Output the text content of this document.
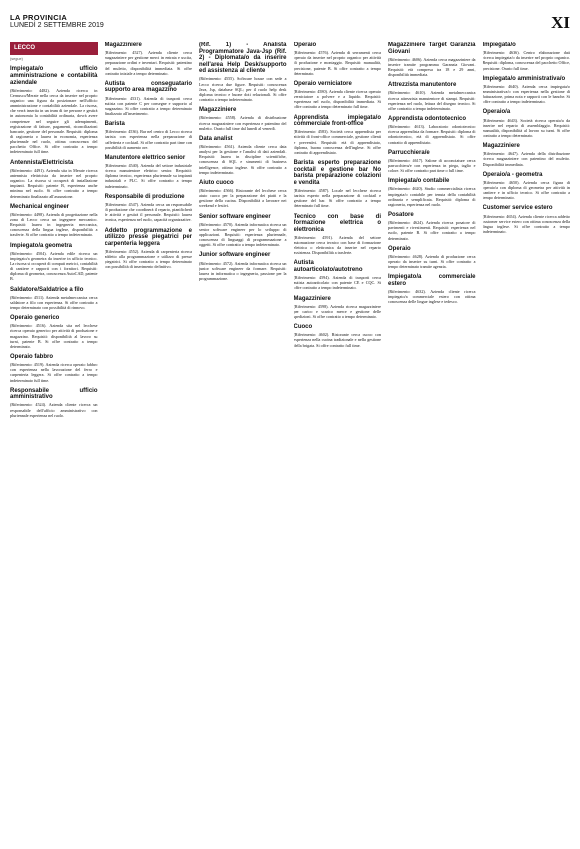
LA PROVINCIA
LUNEDÌ 2 SETTEMBRE 2019	XI
LECCO
(segue)
Impiegata/o ufficio amministrazione e contabilità aziendale

(Riferimento: 4482). Azienda ricerca in Cernusco/Merate nella cerca da inserire nel proprio organico una figura da posizionare nell'ufficio amministrazione e contabilità aziendale. La risorsa, che verrà inserita in un team di tre persone e gestirà in autonomia la contabilità ordinaria, dovrà avere competenze nel seguire gli adempimenti, registrazione di fatture, pagamenti, riconciliazioni bancarie, gestione del personale. Requisiti: diploma di ragioneria o laurea in economia, esperienza pluriennale nel ruolo, ottima conoscenza del pacchetto Office. Si offre contratto a tempo indeterminato full time.

Antennista/Elettricista

(Riferimento: 4491). Azienda sita in Merate ricerca antennista elettricista da inserire nel proprio organico. La risorsa si occuperà di installazione impianti. Requisiti: patente B, esperienza anche minima nel ruolo. Si offre contratto a tempo determinato finalizzato all'assunzione.

Mechanical engineer

(Riferimento: 4498). Azienda di progettazione nella zona di Lecco cerca un ingegnere meccanico. Requisiti: laurea in ingegneria meccanica, conoscenza della lingua inglese, disponibilità a trasferte. Si offre contratto a tempo indeterminato.

Impiegato/a geometra

(Riferimento: 4504). Azienda edile ricerca un impiegato/a geometra da inserire in ufficio tecnico. La risorsa si occuperà di computi metrici, contabilità di cantiere e rapporti con i fornitori. Requisiti: diploma di geometra, conoscenza AutoCAD, patente B.

Saldatore/Saldatrice a filo

(Riferimento: 4511). Azienda metalmeccanica cerca saldatore a filo con esperienza. Si offre contratto a tempo determinato con possibilità di rinnovo.

Operaio generico

(Riferimento: 4516). Azienda sita nel lecchese ricerca operaio generico per attività di produzione e magazzino. Requisiti: disponibilità al lavoro su turni, patente B. Si offre contratto a tempo determinato.

Operaio fabbro

(Riferimento: 4519). Azienda ricerca operaio fabbro con esperienza nella lavorazione del ferro e carpenteria leggera. Si offre contratto a tempo indeterminato full time.

Responsabile ufficio amministrativo

(Riferimento: 4524). Azienda cliente ricerca un responsabile dell'ufficio amministrativo con pluriennale esperienza nel ruolo.

Magazziniere

(Riferimento: 4527). Azienda cliente cerca magazziniere per gestione merci in entrata e uscita, preparazione ordini e inventari. Requisiti: patentino del muletto, disponibilità immediata. Si offre contratto iniziale a tempo determinato.

Autista conseguatario supporto area magazzino

(Riferimento: 4531). Azienda di trasporti cerca autista con patente C per consegne e supporto al magazzino. Si offre contratto a tempo determinato finalizzato all'inserimento.

Barista

(Riferimento: 4536). Bar nel centro di Lecco ricerca barista con esperienza nella preparazione di caffetteria e cocktail. Si offre contratto part time con possibilità di aumento ore.

Manutentore elettrico senior

(Riferimento: 4540). Azienda del settore industriale ricerca manutentore elettrico senior. Requisiti: diploma tecnico, esperienza pluriennale su impianti industriali e PLC. Si offre contratto a tempo indeterminato.

Responsabile di produzione

(Riferimento: 4547). Azienda cerca un responsabile di produzione che coordinerà il reparto, pianificherà le attività e gestirà il personale. Requisiti: laurea tecnica, esperienza nel ruolo, capacità organizzative.

Addetto programmazione e utilizzo presse piegatrici per carpenteria leggera

(Riferimento: 4552). Azienda di carpenteria ricerca addetto alla programmazione e utilizzo di presse piegatrici. Si offre contratto a tempo determinato con possibilità di inserimento definitivo.

(Rif. 1) - Analista Programmatore Java-Jsp (Rif. 2) - Diplomata/o da inserire nell'area Help Desk/supporto ed assistenza al cliente

(Riferimento: 4555). Software house con sede a Lecco ricerca due figure. Requisiti: conoscenza Java, Jsp, database SQL; per il ruolo help desk diploma tecnico e buone doti relazionali. Si offre contratto a tempo indeterminato.

Magazziniere

(Riferimento: 4558). Azienda di distribuzione ricerca magazziniere con esperienza e patentino del muletto. Orario full time dal lunedì al venerdì.

Data analist

(Riferimento: 4561). Azienda cliente cerca data analyst per la gestione e l'analisi di dati aziendali. Requisiti: laurea in discipline scientifiche, conoscenza di SQL e strumenti di business intelligence, ottimo inglese. Si offre contratto a tempo indeterminato.

Aiuto cuoco

(Riferimento: 4566). Ristorante del lecchese cerca aiuto cuoco per la preparazione dei piatti e la gestione della cucina. Disponibilità a lavorare nei weekend e festivi.

Senior software engineer

(Riferimento: 4570). Azienda informatica ricerca un senior software engineer per lo sviluppo di applicazioni. Requisiti: esperienza pluriennale, conoscenza di linguaggi di programmazione a oggetti. Si offre contratto a tempo indeterminato.

Junior software engineer

(Riferimento: 4572). Azienda informatica ricerca un junior software engineer da formare. Requisiti: laurea in informatica o ingegneria, passione per la programmazione.

Operaio

(Riferimento: 4576). Azienda di serramenti cerca operaio da inserire nel proprio organico per attività di produzione e montaggio. Requisiti: manualità, precisione, patente B. Si offre contratto a tempo determinato.

Operaio verniciatore

(Riferimento: 4580). Azienda cliente ricerca operaio verniciatore a polvere e a liquido. Requisiti: esperienza nel ruolo, disponibilità immediata. Si offre contratto a tempo determinato full time.

Apprendista impiegata/o commerciale front-office

(Riferimento: 4583). Società cerca apprendista per attività di front-office commerciale, gestione clienti e preventivi. Requisiti: età di apprendistato, diploma, buona conoscenza dell'inglese. Si offre contratto di apprendistato.

Barista esperto preparazione cocktail e gestione bar No barista preparazione colazioni e vendita

(Riferimento: 4587). Locale nel lecchese ricerca barista esperto nella preparazione di cocktail e gestione del bar. Si offre contratto a tempo determinato full time.

Tecnico con base di formazione elettrica o elettronica

(Riferimento: 4591). Azienda del settore automazione cerca tecnico con base di formazione elettrica o elettronica da inserire nel reparto assistenza. Disponibilità a trasferte.

Autista autoarticolato/autotreno

(Riferimento: 4594). Azienda di trasporti cerca autista autoarticolato con patente CE e CQC. Si offre contratto a tempo indeterminato.

Magazziniere

(Riferimento: 4598). Azienda ricerca magazziniere per carico e scarico merce e gestione delle spedizioni. Si offre contratto a tempo determinato.

Cuoco

(Riferimento: 4602). Ristorante cerca cuoco con esperienza nella cucina tradizionale e nella gestione della brigata. Si offre contratto full time.

Magazziniere Target Garanzia Giovani

(Riferimento: 4606). Azienda cerca magazziniere da inserire tramite programma Garanzia Giovani. Requisiti: età compresa tra 18 e 29 anni, disponibilità immediata.

Attrezzista manutentore

(Riferimento: 4610). Azienda metalmeccanica ricerca attrezzista manutentore di stampi. Requisiti: esperienza nel ruolo, lettura del disegno tecnico. Si offre contratto a tempo indeterminato.

Apprendista odontotecnico

(Riferimento: 4613). Laboratorio odontotecnico ricerca apprendista da formare. Requisiti: diploma di odontotecnico, età di apprendistato. Si offre contratto di apprendistato.

Parrucchiera/e

(Riferimento: 4617). Salone di acconciature cerca parrucchiera/e con esperienza in piega, taglio e colore. Si offre contratto part time o full time.

Impiegata/o contabile

(Riferimento: 4620). Studio commercialista ricerca impiegata/o contabile per tenuta della contabilità ordinaria e semplificata. Requisiti: diploma di ragioneria, esperienza nel ruolo.

Posatore

(Riferimento: 4624). Azienda ricerca posatore di pavimenti e rivestimenti. Requisiti: esperienza nel ruolo, patente B. Si offre contratto a tempo determinato.

Operaio

(Riferimento: 4628). Azienda di produzione cerca operaio da inserire su turni. Si offre contratto a tempo determinato tramite agenzia.

Impiegato/a commerciale estero

(Riferimento: 4632). Azienda cliente ricerca impiegato/a commerciale estero con ottima conoscenza delle lingue inglese e tedesco.

Impiegata/o

(Riferimento: 4636). Centro elaborazione dati ricerca impiegata/o da inserire nel proprio organico. Requisiti: diploma, conoscenza del pacchetto Office, precisione. Orario full time.

Impiegata/o amministrativa/o

(Riferimento: 4640). Azienda cerca impiegata/o amministrativa/o con esperienza nella gestione di fatturazione, prima nota e rapporti con le banche. Si offre contratto a tempo indeterminato.

Operaio/a

(Riferimento: 4643). Società ricerca operaio/a da inserire nel reparto di assemblaggio. Requisiti: manualità, disponibilità al lavoro su turni. Si offre contratto a tempo determinato.

Magazziniere

(Riferimento: 4647). Azienda della distribuzione ricerca magazziniere con patentino del muletto. Disponibilità immediata.

Operaio/a - geometra

(Riferimento: 4650). Azienda cerca figura di operaio/a con diploma di geometra per attività in cantiere e in ufficio tecnico. Si offre contratto a tempo determinato.

Customer service estero

(Riferimento: 4654). Azienda cliente ricerca addetto customer service estero con ottima conoscenza della lingua inglese. Si offre contratto a tempo indeterminato.
